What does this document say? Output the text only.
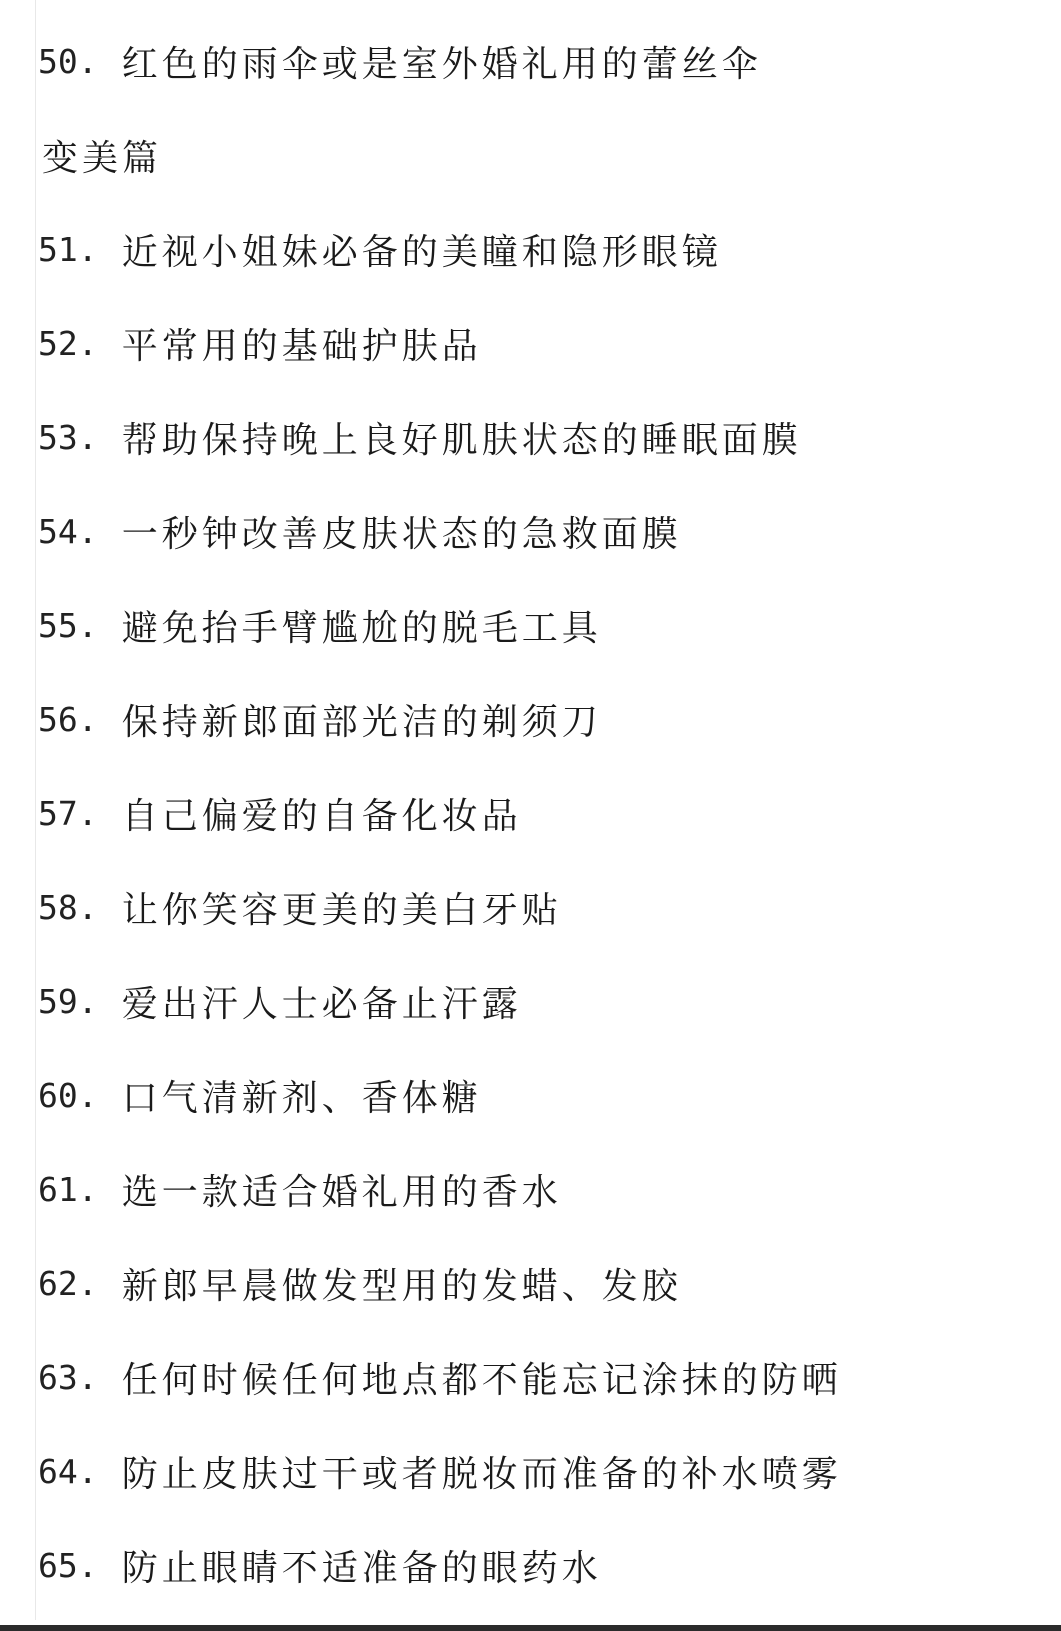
50 . 红色的雨伞或是室外婚礼用的蕾丝伞
变美篇
51 . 近视小姐妹必备的美瞳和隐形眼镜
52 . 平常用的基础护肤品
53 . 帮助保持晚上良好肌肤状态的睡眠面膜
54 . 一秒钟改善皮肤状态的急救面膜
55 . 避免抬手臂尴尬的脱毛工具
56 . 保持新郎面部光洁的剃须刀
57 . 自己偏爱的自备化妆品
58 . 让你笑容更美的美白牙贴
59 . 爱出汗人士必备止汗露
60 . 口气清新剂、香体糖
61 . 选一款适合婚礼用的香水
62 . 新郎早晨做发型用的发蜡、发胶
63 . 任何时候任何地点都不能忘记涂抹的防晒
64 . 防止皮肤过干或者脱妆而准备的补水喷雾
65 . 防止眼睛不适准备的眼药水
